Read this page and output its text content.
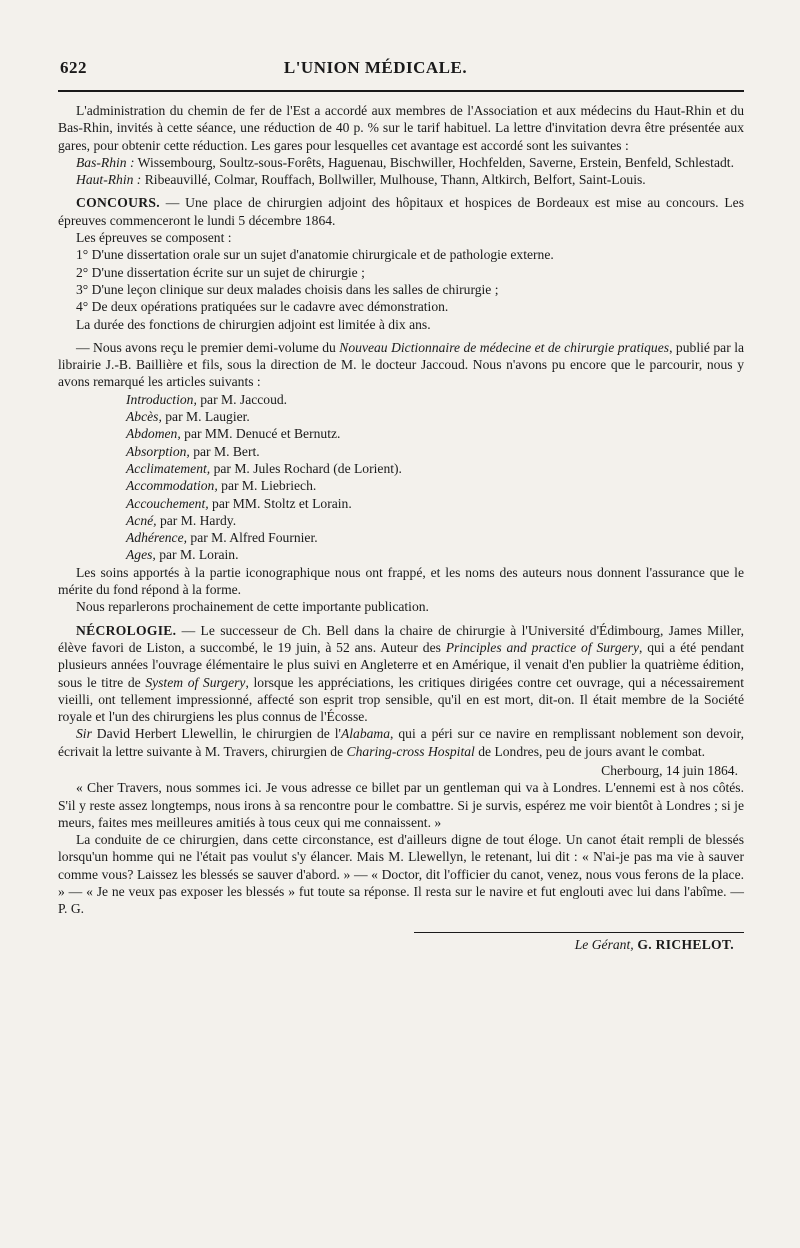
622	L'UNION MÉDICALE.

L'administration du chemin de fer de l'Est a accordé aux membres de l'Association et aux médecins du Haut-Rhin et du Bas-Rhin, invités à cette séance, une réduction de 40 p. % sur le tarif habituel. La lettre d'invitation devra être présentée aux gares, pour obtenir cette réduction. Les gares pour lesquelles cet avantage est accordé sont les suivantes :

Bas-Rhin : Wissembourg, Soultz-sous-Forêts, Haguenau, Bischwiller, Hochfelden, Saverne, Erstein, Benfeld, Schlestadt.

Haut-Rhin : Ribeauvillé, Colmar, Rouffach, Bollwiller, Mulhouse, Thann, Altkirch, Belfort, Saint-Louis.

CONCOURS. — Une place de chirurgien adjoint des hôpitaux et hospices de Bordeaux est mise au concours. Les épreuves commenceront le lundi 5 décembre 1864.

Les épreuves se composent :

1° D'une dissertation orale sur un sujet d'anatomie chirurgicale et de pathologie externe.

2° D'une dissertation écrite sur un sujet de chirurgie ;

3° D'une leçon clinique sur deux malades choisis dans les salles de chirurgie ;

4° De deux opérations pratiquées sur le cadavre avec démonstration.

La durée des fonctions de chirurgien adjoint est limitée à dix ans.

— Nous avons reçu le premier demi-volume du Nouveau Dictionnaire de médecine et de chirurgie pratiques, publié par la librairie J.-B. Baillière et fils, sous la direction de M. le docteur Jaccoud. Nous n'avons pu encore que le parcourir, nous y avons remarqué les articles suivants :

Introduction, par M. Jaccoud.

Abcès, par M. Laugier.

Abdomen, par MM. Denucé et Bernutz.

Absorption, par M. Bert.

Acclimatement, par M. Jules Rochard (de Lorient).

Accommodation, par M. Liebriech.

Accouchement, par MM. Stoltz et Lorain.

Acné, par M. Hardy.

Adhérence, par M. Alfred Fournier.

Ages, par M. Lorain.

Les soins apportés à la partie iconographique nous ont frappé, et les noms des auteurs nous donnent l'assurance que le mérite du fond répond à la forme.

Nous reparlerons prochainement de cette importante publication.

NÉCROLOGIE. — Le successeur de Ch. Bell dans la chaire de chirurgie à l'Université d'Édimbourg, James Miller, élève favori de Liston, a succombé, le 19 juin, à 52 ans. Auteur des Principles and practice of Surgery, qui a été pendant plusieurs années l'ouvrage élémentaire le plus suivi en Angleterre et en Amérique, il venait d'en publier la quatrième édition, sous le titre de System of Surgery, lorsque les appréciations, les critiques dirigées contre cet ouvrage, qui a nécessairement vieilli, ont tellement impressionné, affecté son esprit trop sensible, qu'il en est mort, dit-on. Il était membre de la Société royale et l'un des chirurgiens les plus connus de l'Écosse.

Sir David Herbert Llewellin, le chirurgien de l'Alabama, qui a péri sur ce navire en remplissant noblement son devoir, écrivait la lettre suivante à M. Travers, chirurgien de Charing-cross Hospital de Londres, peu de jours avant le combat.

Cherbourg, 14 juin 1864.

« Cher Travers, nous sommes ici. Je vous adresse ce billet par un gentleman qui va à Londres. L'ennemi est à nos côtés. S'il y reste assez longtemps, nous irons à sa rencontre pour le combattre. Si je survis, espérez me voir bientôt à Londres ; si je meurs, faites mes meilleures amitiés à tous ceux qui me connaissent. »

La conduite de ce chirurgien, dans cette circonstance, est d'ailleurs digne de tout éloge. Un canot était rempli de blessés lorsqu'un homme qui ne l'était pas voulut s'y élancer. Mais M. Llewellyn, le retenant, lui dit : « N'ai-je pas ma vie à sauver comme vous? Laissez les blessés se sauver d'abord. » — « Doctor, dit l'officier du canot, venez, nous vous ferons de la place. » — « Je ne veux pas exposer les blessés » fut toute sa réponse. Il resta sur le navire et fut englouti avec lui dans l'abîme. — P. G.

Le Gérant, G. RICHELOT.
